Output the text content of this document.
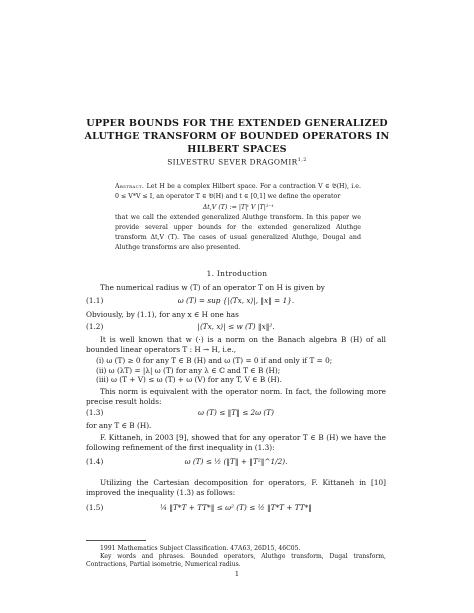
UPPER BOUNDS FOR THE EXTENDED GENERALIZED
ALUTHGE TRANSFORM OF BOUNDED OPERATORS IN
HILBERT SPACES
SILVESTRU SEVER DRAGOMIR$^{1,2}$

Abstract. Let H be a complex Hilbert space. For a contraction V ∈ 𝔅(H), i.e. 0 ≤ V*V ≤ I, an operator T ∈ 𝔅(H) and t ∈ [0,1] we define the operator

Δt,V (T) := |T|ᵗ V |T|¹⁻ᵗ

that we call the extended generalized Aluthge transform. In this paper we provide several upper bounds for the extended generalized Aluthge transform Δt,V (T). The cases of usual generalized Aluthge, Dougal and Aluthge transforms are also presented.

1. Introduction
The numerical radius w (T) of an operator T on H is given by
(1.1)	ω (T) = sup {|⟨Tx, x⟩|, ‖x‖ = 1}.
Obviously, by (1.1), for any x ∈ H one has
(1.2)	|⟨Tx, x⟩| ≤ w (T) ‖x‖².
It is well known that w (·) is a norm on the Banach algebra B (H) of all bounded linear operators T : H → H, i.e.,
(i) ω (T) ≥ 0 for any T ∈ B (H) and ω (T) = 0 if and only if T = 0;
(ii) ω (λT) = |λ| ω (T) for any λ ∈ ℂ and T ∈ B (H);
(iii) ω (T + V) ≤ ω (T) + ω (V) for any T, V ∈ B (H).
This norm is equivalent with the operator norm. In fact, the following more precise result holds:
(1.3)	ω (T) ≤ ‖T‖ ≤ 2ω (T)
for any T ∈ B (H).
F. Kittaneh, in 2003 [9], showed that for any operator T ∈ B (H) we have the following refinement of the first inequality in (1.3):
(1.4)	ω (T) ≤ ½ (‖T‖ + ‖T²‖^1/2).
Utilizing the Cartesian decomposition for operators, F. Kittaneh in [10] improved the inequality (1.3) as follows:
(1.5)	¼ ‖T*T + TT*‖ ≤ ω² (T) ≤ ½ ‖T*T + TT*‖
1991 Mathematics Subject Classification. 47A63, 26D15, 46C05.
Key words and phrases. Bounded operators, Aluthge transform, Dugal transform, Contractions, Partial isometrie, Numerical radius.
1
